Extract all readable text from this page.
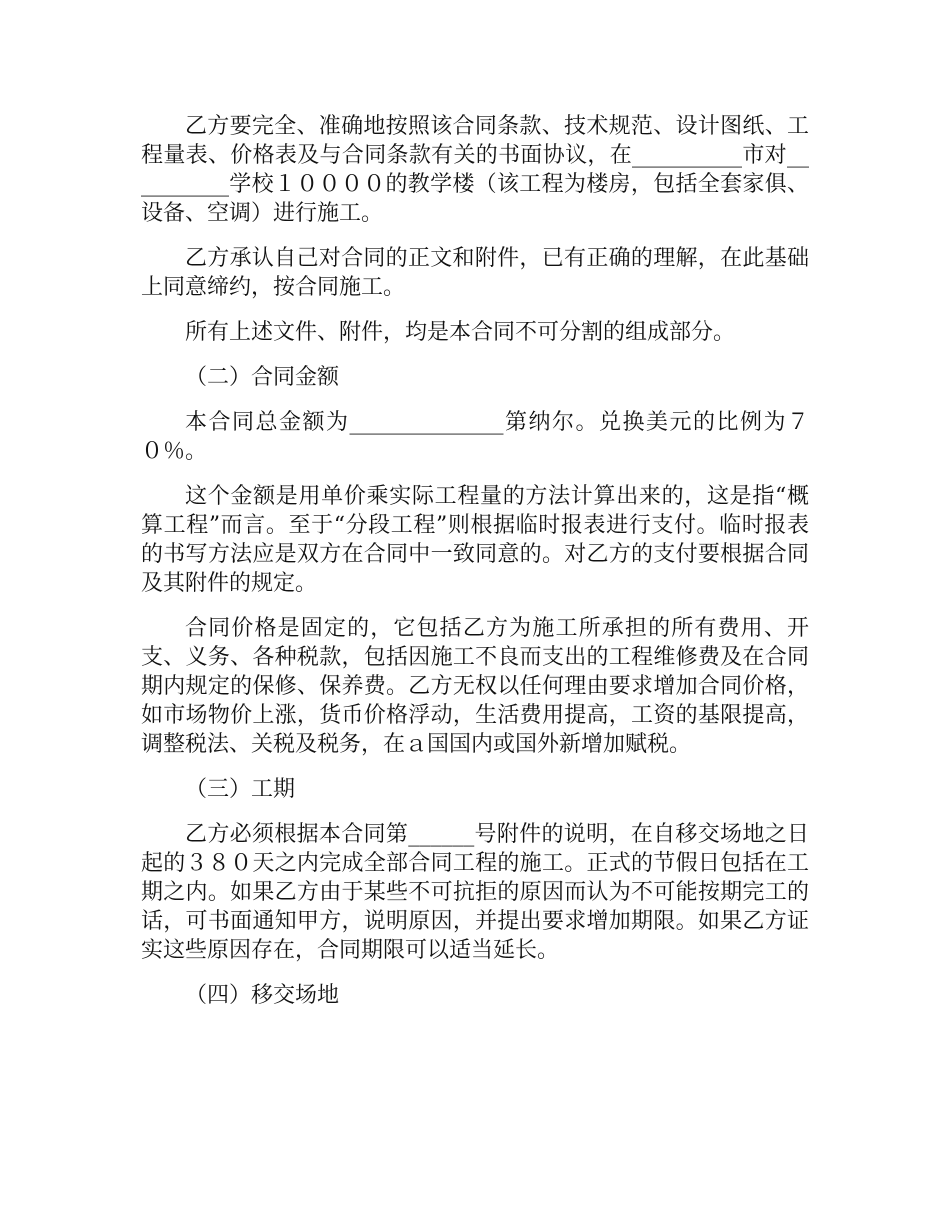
乙方要完全、准确地按照该合同条款、技术规范、设计图纸、工程量表、价格表及与合同条款有关的书面协议，在__________市对__________学校１００００的教学楼（该工程为楼房，包括全套家俱、设备、空调）进行施工。

乙方承认自己对合同的正文和附件，已有正确的理解，在此基础上同意缔约，按合同施工。

所有上述文件、附件，均是本合同不可分割的组成部分。

（二）合同金额

本合同总金额为______________第纳尔。兑换美元的比例为７０％。

这个金额是用单价乘实际工程量的方法计算出来的，这是指“概算工程”而言。至于“分段工程”则根据临时报表进行支付。临时报表的书写方法应是双方在合同中一致同意的。对乙方的支付要根据合同及其附件的规定。

合同价格是固定的，它包括乙方为施工所承担的所有费用、开支、义务、各种税款，包括因施工不良而支出的工程维修费及在合同期内规定的保修、保养费。乙方无权以任何理由要求增加合同价格，如市场物价上涨，货币价格浮动，生活费用提高，工资的基限提高，调整税法、关税及税务，在ａ国国内或国外新增加赋税。

（三）工期

乙方必须根据本合同第______号附件的说明，在自移交场地之日起的３８０天之内完成全部合同工程的施工。正式的节假日包括在工期之内。如果乙方由于某些不可抗拒的原因而认为不可能按期完工的话，可书面通知甲方，说明原因，并提出要求增加期限。如果乙方证实这些原因存在，合同期限可以适当延长。

（四）移交场地
